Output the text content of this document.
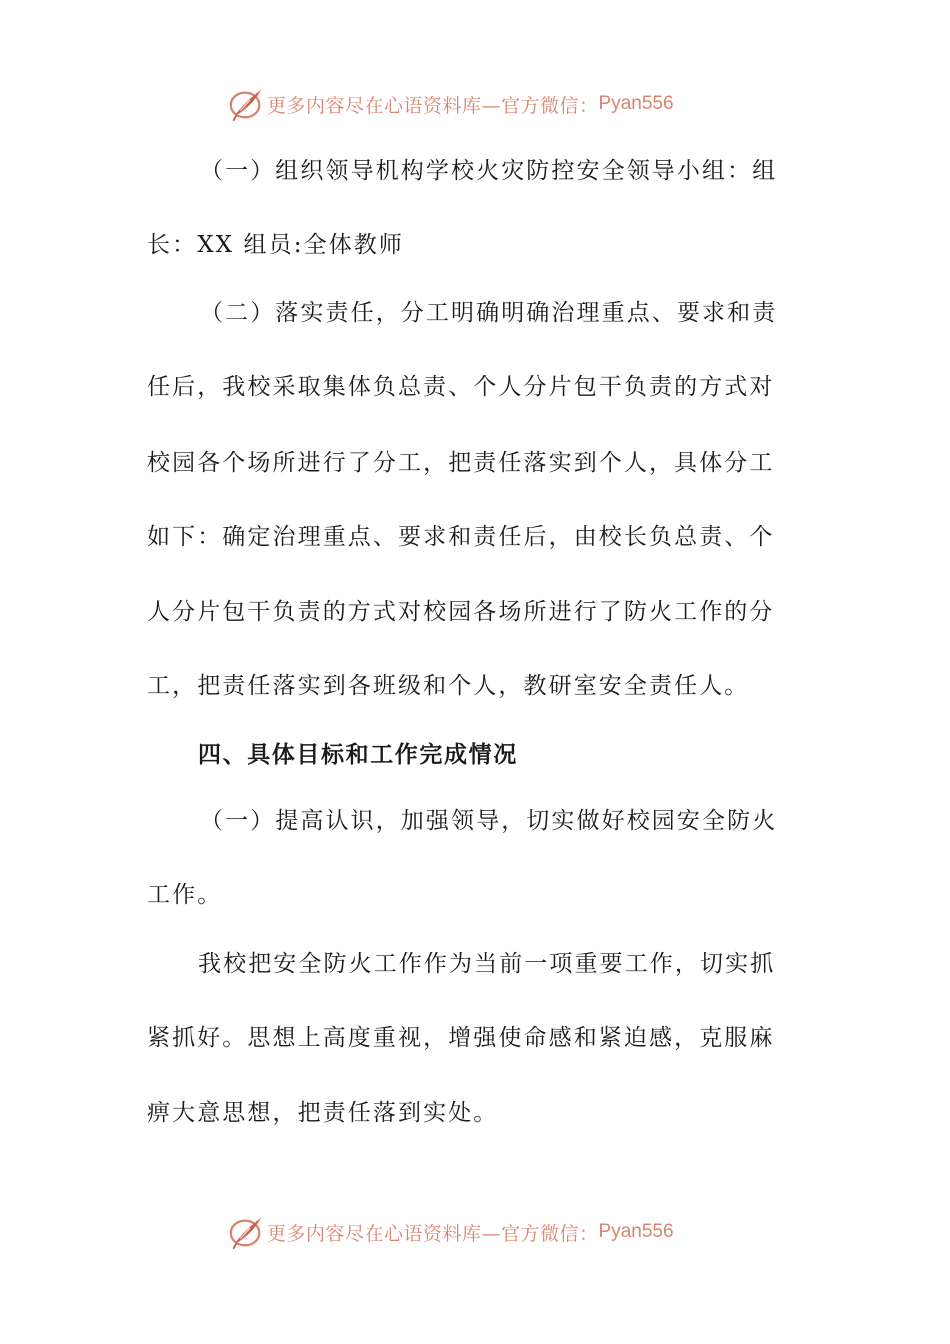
更多内容尽在心语资料库—官方微信： Pyan556
（一）组织领导机构学校火灾防控安全领导小组：组
长：XX 组员:全体教师
（二）落实责任，分工明确明确治理重点、要求和责
任后，我校采取集体负总责、个人分片包干负责的方式对
校园各个场所进行了分工，把责任落实到个人，具体分工
如下：确定治理重点、要求和责任后，由校长负总责、个
人分片包干负责的方式对校园各场所进行了防火工作的分
工，把责任落实到各班级和个人，教研室安全责任人。
四、具体目标和工作完成情况
（一）提高认识，加强领导，切实做好校园安全防火
工作。
我校把安全防火工作作为当前一项重要工作，切实抓
紧抓好。思想上高度重视，增强使命感和紧迫感，克服麻
痹大意思想，把责任落到实处。
更多内容尽在心语资料库—官方微信： Pyan556
